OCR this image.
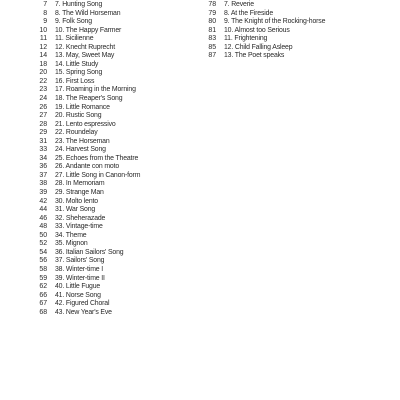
7 7. Hunting Song
8 8. The Wild Horseman
9 9. Folk Song
10 10. The Happy Farmer
11 11. Sicilienne
12 12. Knecht Ruprecht
14 13. May, Sweet May
18 14. Little Study
20 15. Spring Song
22 16. First Loss
23 17. Roaming in the Morning
24 18. The Reaper's Song
26 19. Little Romance
27 20. Rustic Song
28 21. Lento espressivo
29 22. Roundelay
31 23. The Horseman
33 24. Harvest Song
34 25. Echoes from the Theatre
36 26. Andante con moto
37 27. Little Song in Canon-form
38 28. In Memoriam
39 29. Strange Man
42 30. Molto lento
44 31. War Song
46 32. Sheherazade
48 33. Vintage-time
50 34. Theme
52 35. Mignon
54 36. Italian Sailors' Song
56 37. Sailors' Song
58 38. Winter-time I
59 39. Winter-time II
62 40. Little Fugue
66 41. Norse Song
67 42. Figured Choral
68 43. New Year's Eve
78 7. Reverie
79 8. At the Fireside
80 9. The Knight of the Rocking-horse
81 10. Almost too Serious
83 11. Frightening
85 12. Child Falling Asleep
87 13. The Poet speaks
